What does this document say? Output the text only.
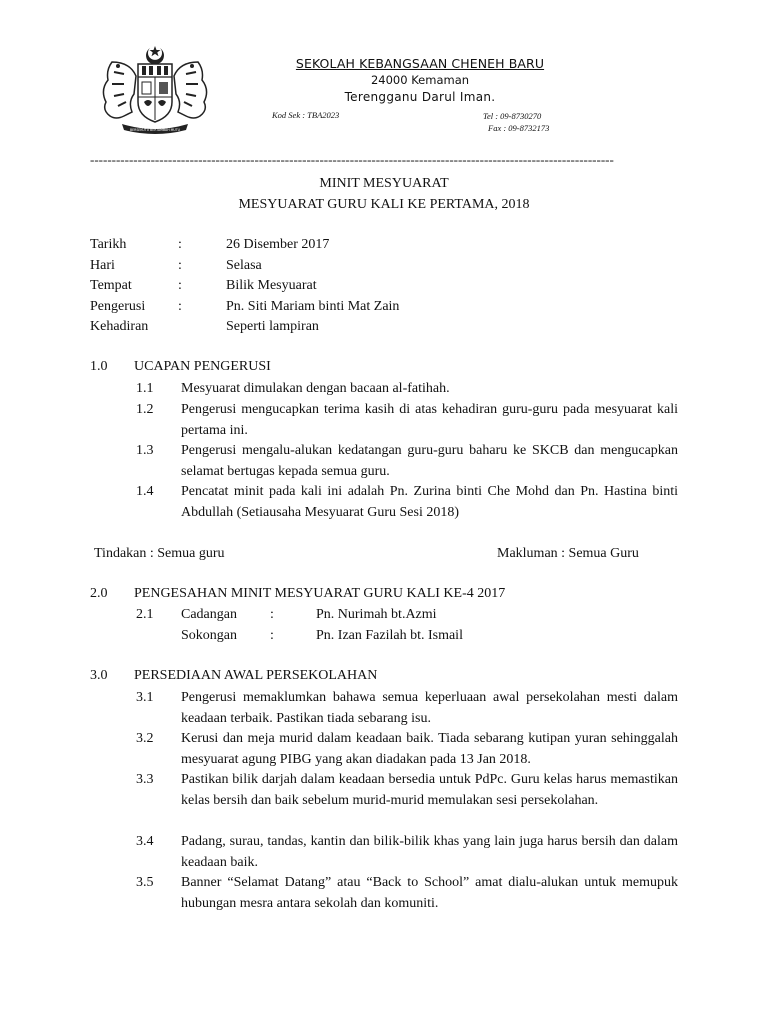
BERSEKUTU BERTAMBAH MUTU
SEKOLAH KEBANGSAAN CHENEH BARU
24000 Kemaman
Terengganu Darul Iman.
Kod Sek : TBA2023	Tel : 09-8730270
Fax : 09-8732173
-------------------------------------------------------------------------------------------------------------------------
MINIT MESYUARAT
MESYUARAT GURU KALI KE PERTAMA, 2018
Tarikh	:	26 Disember 2017
Hari	:	Selasa
Tempat	:	Bilik Mesyuarat
Pengerusi :	Pn. Siti Mariam binti Mat Zain
Kehadiran	Seperti lampiran
1.0 UCAPAN PENGERUSI
1.1 Mesyuarat dimulakan dengan bacaan al-fatihah.
1.2 Pengerusi mengucapkan terima kasih di atas kehadiran guru-guru pada mesyuarat kali pertama ini.
1.3 Pengerusi mengalu-alukan kedatangan guru-guru baharu ke SKCB dan mengucapkan selamat bertugas kepada semua guru.
1.4 Pencatat minit pada kali ini adalah Pn. Zurina binti Che Mohd dan Pn. Hastina binti Abdullah (Setiausaha Mesyuarat Guru Sesi 2018)
Tindakan : Semua guru	Makluman : Semua Guru
2.0 PENGESAHAN MINIT MESYUARAT GURU KALI KE-4 2017
2.1 Cadangan :	Pn. Nurimah bt.Azmi
Sokongan :	Pn. Izan Fazilah bt. Ismail
3.0 PERSEDIAAN AWAL PERSEKOLAHAN
3.1 Pengerusi memaklumkan bahawa semua keperluaan awal persekolahan mesti dalam keadaan terbaik. Pastikan tiada sebarang isu.
3.2 Kerusi dan meja murid dalam keadaan baik. Tiada sebarang kutipan yuran sehinggalah mesyuarat agung PIBG yang akan diadakan pada 13 Jan 2018.
3.3 Pastikan bilik darjah dalam keadaan bersedia untuk PdPc. Guru kelas harus memastikan kelas bersih dan baik sebelum murid-murid memulakan sesi persekolahan.
3.4 Padang, surau, tandas, kantin dan bilik-bilik khas yang lain juga harus bersih dan dalam keadaan baik.
3.5 Banner “Selamat Datang” atau “Back to School” amat dialu-alukan untuk memupuk hubungan mesra antara sekolah dan komuniti.
